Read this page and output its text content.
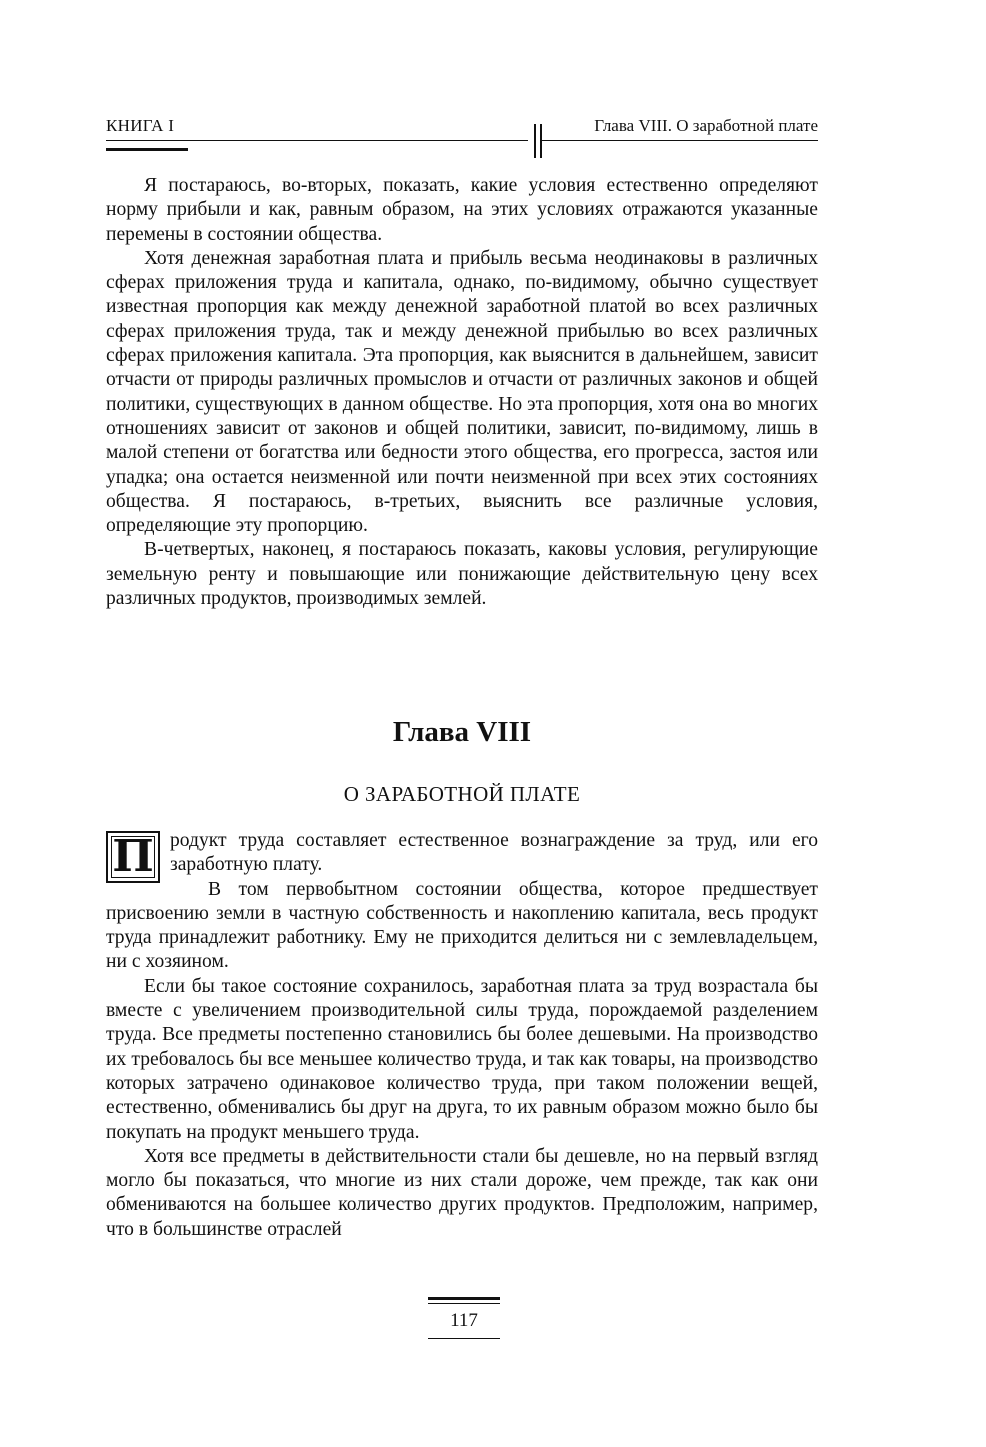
КНИГА I	Глава VIII. О заработной плате

Я постараюсь, во-вторых, показать, какие условия естественно определяют норму прибыли и как, равным образом, на этих условиях отражаются указанные перемены в состоянии общества.

Хотя денежная заработная плата и прибыль весьма неодинаковы в различных сферах приложения труда и капитала, однако, по-видимому, обычно существует известная пропорция как между денежной заработной платой во всех различных сферах приложения труда, так и между денежной прибылью во всех различных сферах приложения капитала. Эта пропорция, как выяснится в дальнейшем, зависит отчасти от природы различных промыслов и отчасти от различных законов и общей политики, существующих в данном обществе. Но эта пропорция, хотя она во многих отношениях зависит от законов и общей политики, зависит, по-видимому, лишь в малой степени от богатства или бедности этого общества, его прогресса, застоя или упадка; она остается неизменной или почти неизменной при всех этих состояниях общества. Я постараюсь, в-третьих, выяснить все различные условия, определяющие эту пропорцию.

В-четвертых, наконец, я постараюсь показать, каковы условия, регулирующие земельную ренту и повышающие или понижающие действительную цену всех различных продуктов, производимых землей.

Глава VIII
О ЗАРАБОТНОЙ ПЛАТЕ

П родукт труда составляет естественное вознаграждение за труд, или его заработную плату.

В том первобытном состоянии общества, которое предшествует присвоению земли в частную собственность и накоплению капитала, весь продукт труда принадлежит работнику. Ему не приходится делиться ни с землевладельцем, ни с хозяином.

Если бы такое состояние сохранилось, заработная плата за труд возрастала бы вместе с увеличением производительной силы труда, порождаемой разделением труда. Все предметы постепенно становились бы более дешевыми. На производство их требовалось бы все меньшее количество труда, и так как товары, на производство которых затрачено одинаковое количество труда, при таком положении вещей, естественно, обменивались бы друг на друга, то их равным образом можно было бы покупать на продукт меньшего труда.

Хотя все предметы в действительности стали бы дешевле, но на первый взгляд могло бы показаться, что многие из них стали дороже, чем прежде, так как они обмениваются на большее количество других продуктов. Предположим, например, что в большинстве отраслей

117
